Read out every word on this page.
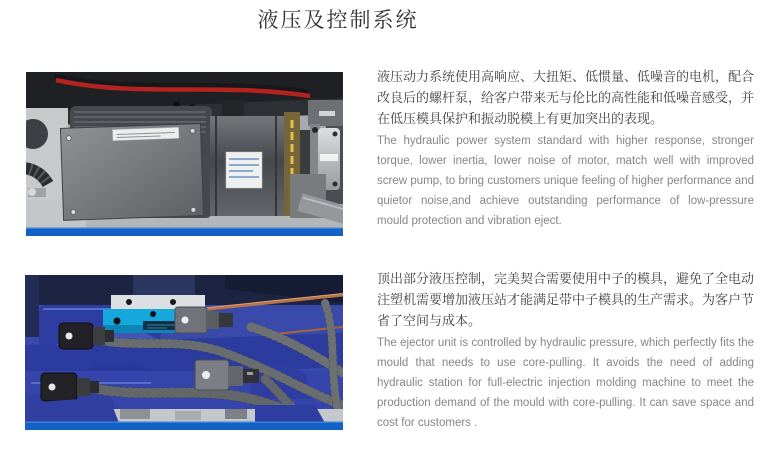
液压及控制系统

液压动力系统使用高响应、大扭矩、低惯量、低噪音的电机，配合改良后的螺杆泵，给客户带来无与伦比的高性能和低噪音感受，并在低压模具保护和振动脱模上有更加突出的表现。

The hydraulic power system standard with higher response, stronger torque, lower inertia, lower noise of motor, match well with improved screw pump, to bring customers unique feeling of higher performance and quietor noise,and achieve outstanding performance of low-pressure mould protection and vibration eject.

顶出部分液压控制，完美契合需要使用中子的模具，避免了全电动注塑机需要增加液压站才能满足带中子模具的生产需求。为客户节省了空间与成本。

The ejector unit is controlled by hydraulic pressure, which perfectly fits the mould that needs to use core-pulling. It avoids the need of adding hydraulic station for full-electric injection molding machine to meet the production demand of the mould with core-pulling. It can save space and cost for customers .
